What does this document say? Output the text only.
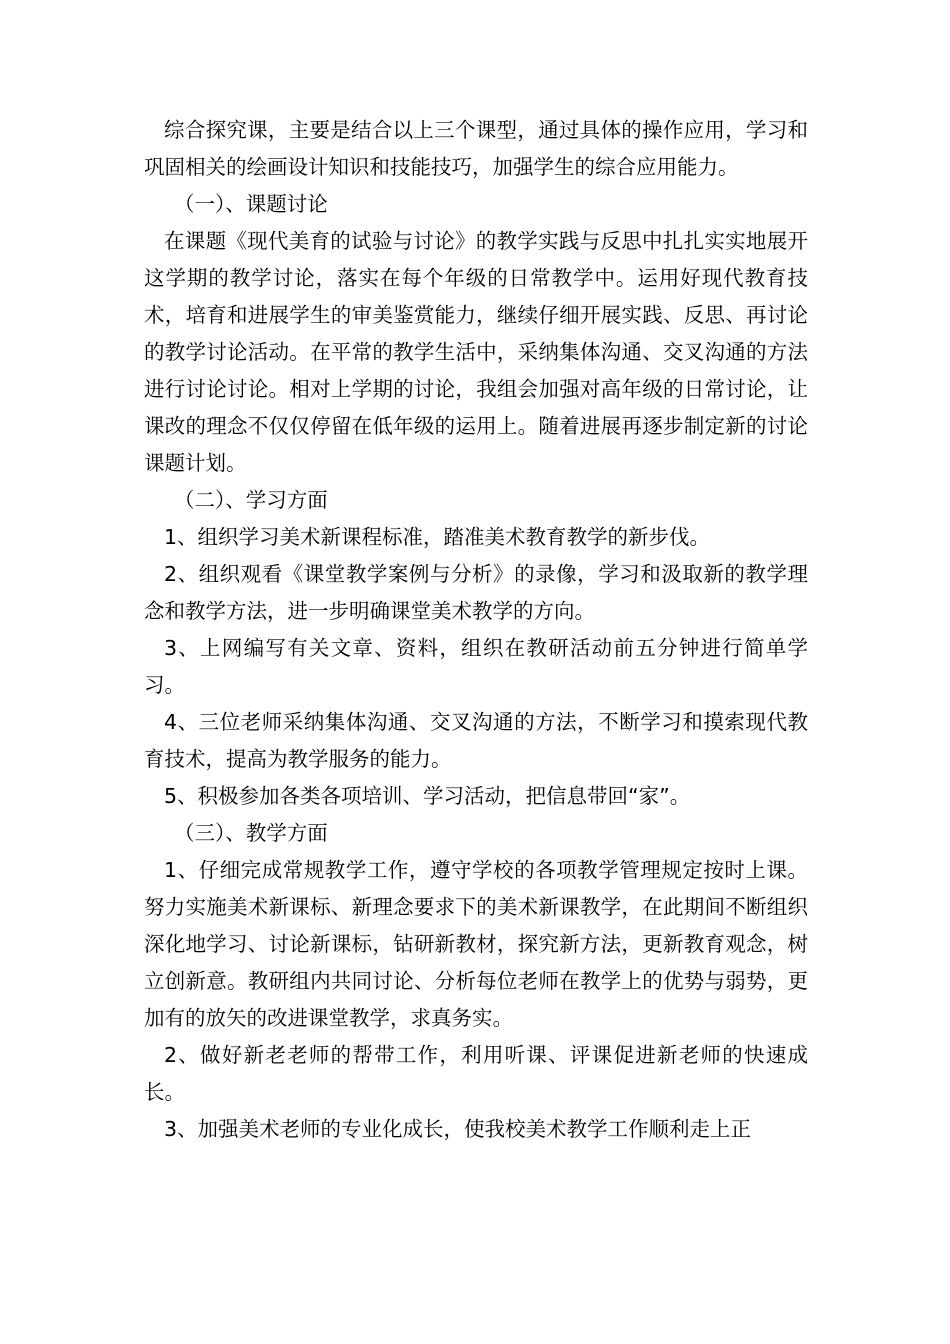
综合探究课，主要是结合以上三个课型，通过具体的操作应用，学习和巩固相关的绘画设计知识和技能技巧，加强学生的综合应用能力。

（一）、课题讨论

在课题《现代美育的试验与讨论》的教学实践与反思中扎扎实实地展开这学期的教学讨论，落实在每个年级的日常教学中。运用好现代教育技术，培育和进展学生的审美鉴赏能力，继续仔细开展实践、反思、再讨论的教学讨论活动。在平常的教学生活中，采纳集体沟通、交叉沟通的方法进行讨论讨论。相对上学期的讨论，我组会加强对高年级的日常讨论，让课改的理念不仅仅停留在低年级的运用上。随着进展再逐步制定新的讨论课题计划。

（二）、学习方面

1、组织学习美术新课程标准，踏准美术教育教学的新步伐。

2、组织观看《课堂教学案例与分析》的录像，学习和汲取新的教学理念和教学方法，进一步明确课堂美术教学的方向。

3、上网编写有关文章、资料，组织在教研活动前五分钟进行简单学习。

4、三位老师采纳集体沟通、交叉沟通的方法，不断学习和摸索现代教育技术，提高为教学服务的能力。

5、积极参加各类各项培训、学习活动，把信息带回“家”。

（三）、教学方面

1、仔细完成常规教学工作，遵守学校的各项教学管理规定按时上课。努力实施美术新课标、新理念要求下的美术新课教学，在此期间不断组织深化地学习、讨论新课标，钻研新教材，探究新方法，更新教育观念，树立创新意。教研组内共同讨论、分析每位老师在教学上的优势与弱势，更加有的放矢的改进课堂教学，求真务实。

2、做好新老老师的帮带工作，利用听课、评课促进新老师的快速成长。

3、加强美术老师的专业化成长，使我校美术教学工作顺利走上正
